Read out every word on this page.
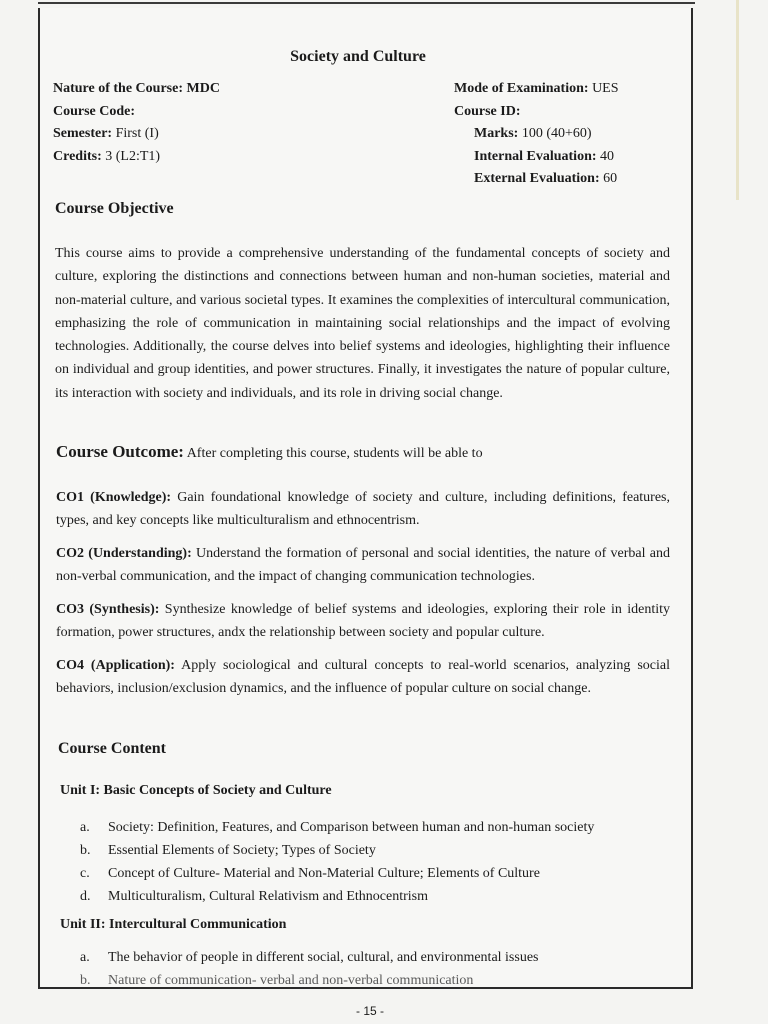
Society and Culture
Nature of the Course: MDC
Course Code:
Semester: First (I)
Credits: 3 (L2:T1)
Mode of Examination: UES
Course ID:
Marks: 100 (40+60)
Internal Evaluation: 40
External Evaluation: 60
Course Objective

This course aims to provide a comprehensive understanding of the fundamental concepts of society and culture, exploring the distinctions and connections between human and non-human societies, material and non-material culture, and various societal types. It examines the complexities of intercultural communication, emphasizing the role of communication in maintaining social relationships and the impact of evolving technologies. Additionally, the course delves into belief systems and ideologies, highlighting their influence on individual and group identities, and power structures. Finally, it investigates the nature of popular culture, its interaction with society and individuals, and its role in driving social change.

Course Outcome: After completing this course, students will be able to

CO1 (Knowledge): Gain foundational knowledge of society and culture, including definitions, features, types, and key concepts like multiculturalism and ethnocentrism.

CO2 (Understanding): Understand the formation of personal and social identities, the nature of verbal and non-verbal communication, and the impact of changing communication technologies.

CO3 (Synthesis): Synthesize knowledge of belief systems and ideologies, exploring their role in identity formation, power structures, andx the relationship between society and popular culture.

CO4 (Application): Apply sociological and cultural concepts to real-world scenarios, analyzing social behaviors, inclusion/exclusion dynamics, and the influence of popular culture on social change.

Course Content
Unit I: Basic Concepts of Society and Culture
a.	Society: Definition, Features, and Comparison between human and non-human society
b.	Essential Elements of Society; Types of Society
c.	Concept of Culture- Material and Non-Material Culture; Elements of Culture
d.	Multiculturalism, Cultural Relativism and Ethnocentrism
Unit II: Intercultural Communication
a.	The behavior of people in different social, cultural, and environmental issues
b.	Nature of communication- verbal and non-verbal communication
- 15 -
